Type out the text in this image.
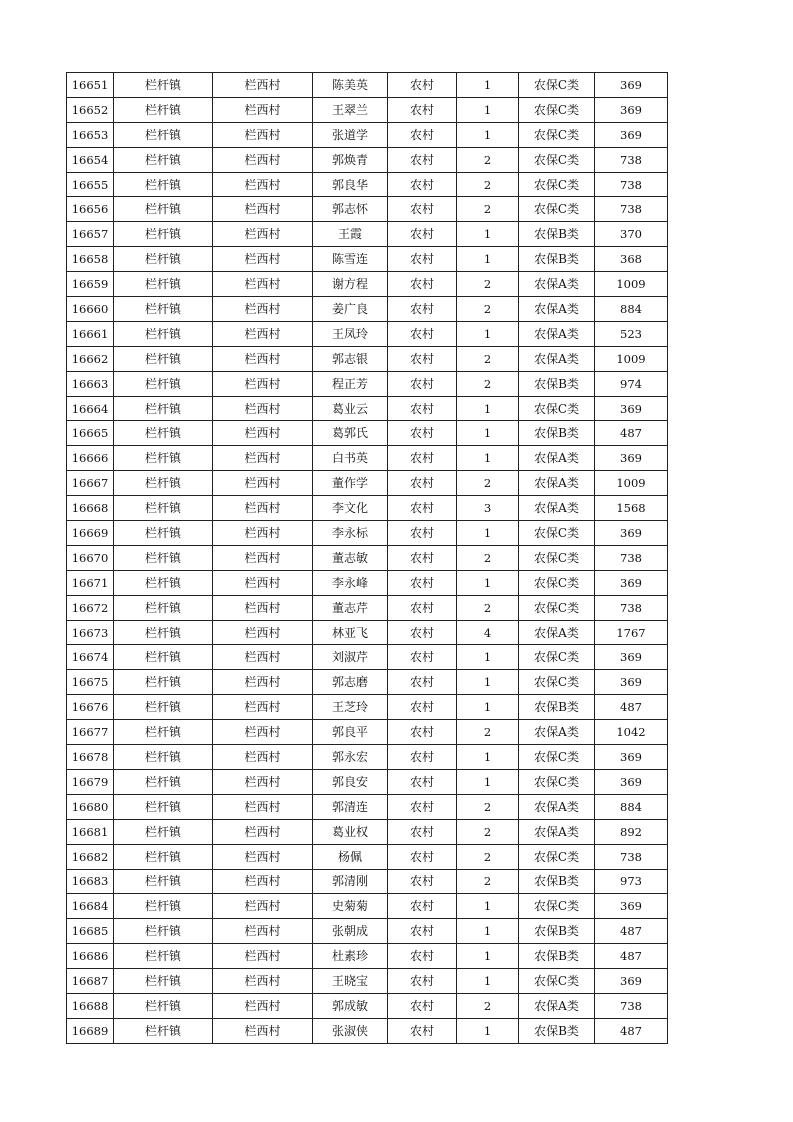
16651	栏杆镇	栏西村	陈美英	农村	1	农保C类	369
16652	栏杆镇	栏西村	王翠兰	农村	1	农保C类	369
16653	栏杆镇	栏西村	张道学	农村	1	农保C类	369
16654	栏杆镇	栏西村	郭焕青	农村	2	农保C类	738
16655	栏杆镇	栏西村	郭良华	农村	2	农保C类	738
16656	栏杆镇	栏西村	郭志怀	农村	2	农保C类	738
16657	栏杆镇	栏西村	王霞	农村	1	农保B类	370
16658	栏杆镇	栏西村	陈雪连	农村	1	农保B类	368
16659	栏杆镇	栏西村	谢方程	农村	2	农保A类	1009
16660	栏杆镇	栏西村	姜广良	农村	2	农保A类	884
16661	栏杆镇	栏西村	王凤玲	农村	1	农保A类	523
16662	栏杆镇	栏西村	郭志银	农村	2	农保A类	1009
16663	栏杆镇	栏西村	程正芳	农村	2	农保B类	974
16664	栏杆镇	栏西村	葛业云	农村	1	农保C类	369
16665	栏杆镇	栏西村	葛郭氏	农村	1	农保B类	487
16666	栏杆镇	栏西村	白书英	农村	1	农保A类	369
16667	栏杆镇	栏西村	董作学	农村	2	农保A类	1009
16668	栏杆镇	栏西村	李文化	农村	3	农保A类	1568
16669	栏杆镇	栏西村	李永标	农村	1	农保C类	369
16670	栏杆镇	栏西村	董志敏	农村	2	农保C类	738
16671	栏杆镇	栏西村	李永峰	农村	1	农保C类	369
16672	栏杆镇	栏西村	董志芹	农村	2	农保C类	738
16673	栏杆镇	栏西村	林亚飞	农村	4	农保A类	1767
16674	栏杆镇	栏西村	刘淑芹	农村	1	农保C类	369
16675	栏杆镇	栏西村	郭志磨	农村	1	农保C类	369
16676	栏杆镇	栏西村	王芝玲	农村	1	农保B类	487
16677	栏杆镇	栏西村	郭良平	农村	2	农保A类	1042
16678	栏杆镇	栏西村	郭永宏	农村	1	农保C类	369
16679	栏杆镇	栏西村	郭良安	农村	1	农保C类	369
16680	栏杆镇	栏西村	郭清连	农村	2	农保A类	884
16681	栏杆镇	栏西村	葛业权	农村	2	农保A类	892
16682	栏杆镇	栏西村	杨佩	农村	2	农保C类	738
16683	栏杆镇	栏西村	郭清刚	农村	2	农保B类	973
16684	栏杆镇	栏西村	史菊菊	农村	1	农保C类	369
16685	栏杆镇	栏西村	张朝成	农村	1	农保B类	487
16686	栏杆镇	栏西村	杜素珍	农村	1	农保B类	487
16687	栏杆镇	栏西村	王晓宝	农村	1	农保C类	369
16688	栏杆镇	栏西村	郭成敏	农村	2	农保A类	738
16689	栏杆镇	栏西村	张淑侠	农村	1	农保B类	487
